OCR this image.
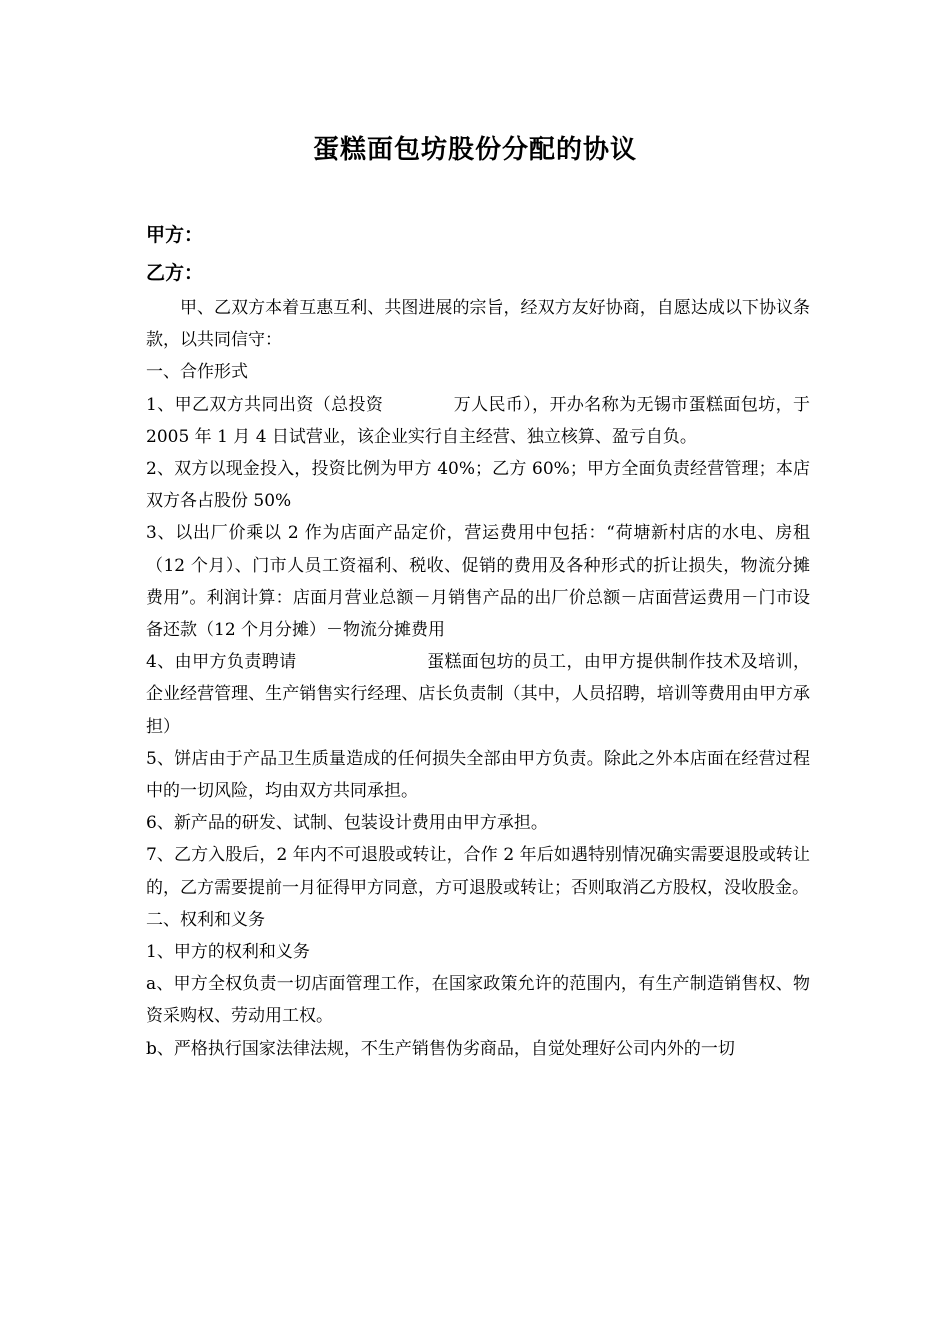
蛋糕面包坊股份分配的协议
甲方：
乙方：

甲、乙双方本着互惠互利、共图进展的宗旨，经双方友好协商，自愿达成以下协议条款，以共同信守：

一、合作形式

1、甲乙双方共同出资（总投资	万人民币），开办名称为无锡市蛋糕面包坊，于 2005 年 1 月 4 日试营业，该企业实行自主经营、独立核算、盈亏自负。

2、双方以现金投入，投资比例为甲方 40%；乙方 60%；甲方全面负责经营管理；本店双方各占股份 50%

3、以出厂价乘以 2 作为店面产品定价，营运费用中包括：“荷塘新村店的水电、房租（12 个月）、门市人员工资福利、税收、促销的费用及各种形式的折让损失，物流分摊费用”。利润计算：店面月营业总额－月销售产品的出厂价总额－店面营运费用－门市设备还款（12 个月分摊）－物流分摊费用

4、由甲方负责聘请	蛋糕面包坊的员工，由甲方提供制作技术及培训，企业经营管理、生产销售实行经理、店长负责制（其中，人员招聘，培训等费用由甲方承担）

5、饼店由于产品卫生质量造成的任何损失全部由甲方负责。除此之外本店面在经营过程中的一切风险，均由双方共同承担。

6、新产品的研发、试制、包装设计费用由甲方承担。

7、乙方入股后，2 年内不可退股或转让，合作 2 年后如遇特别情况确实需要退股或转让的，乙方需要提前一月征得甲方同意，方可退股或转让；否则取消乙方股权，没收股金。

二、权利和义务

1、甲方的权利和义务

a、甲方全权负责一切店面管理工作，在国家政策允许的范围内，有生产制造销售权、物资采购权、劳动用工权。

b、严格执行国家法律法规，不生产销售伪劣商品，自觉处理好公司内外的一切
